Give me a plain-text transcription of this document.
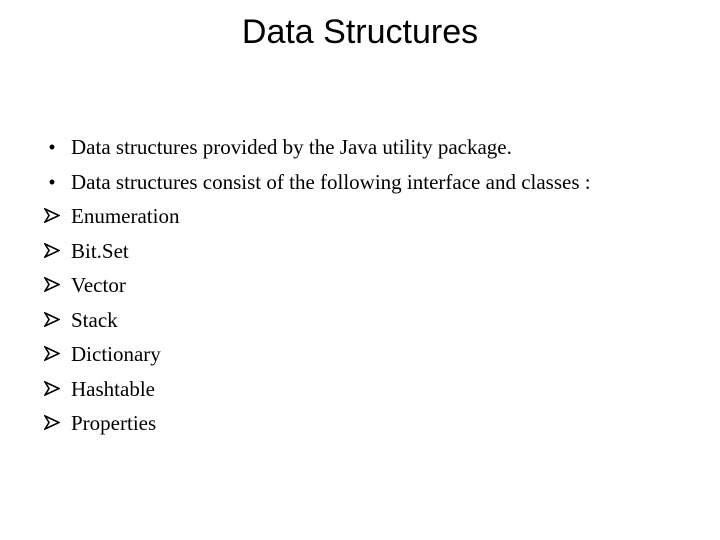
Data Structures
• Data structures provided by the Java utility package.
• Data structures consist of the following interface and classes :
Enumeration
Bit.Set
Vector
Stack
Dictionary
Hashtable
Properties
